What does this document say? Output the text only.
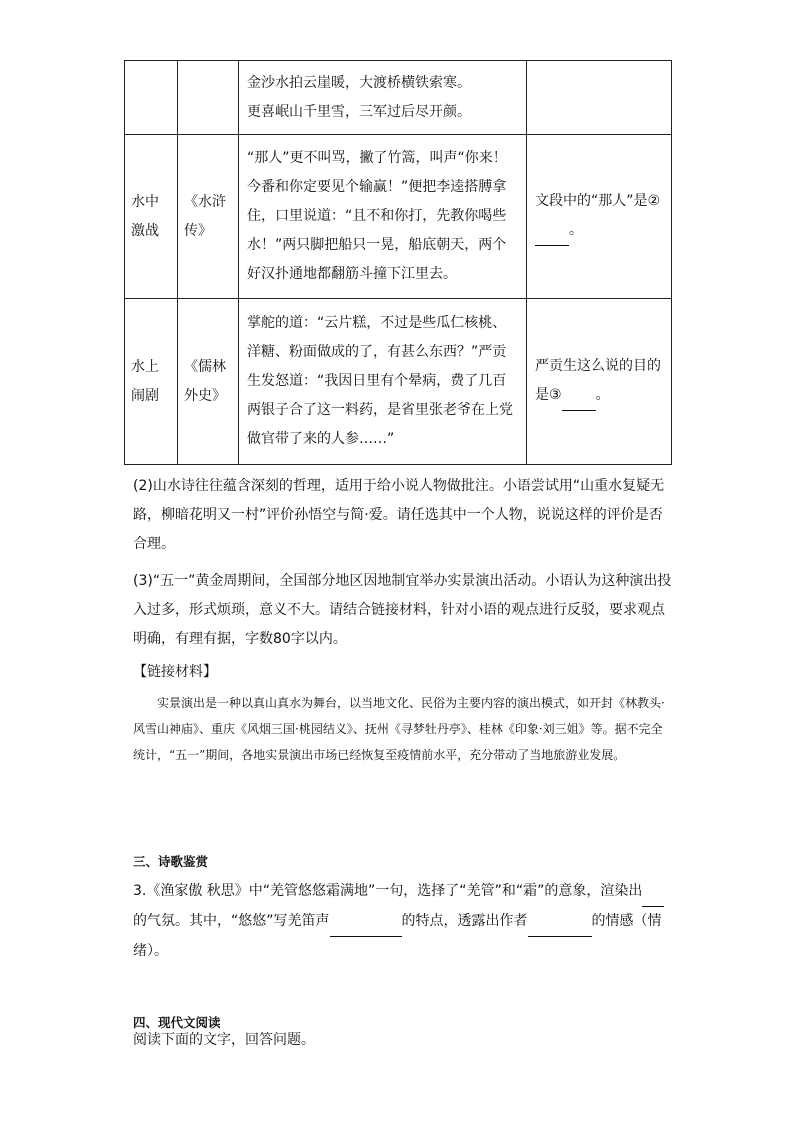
		金沙水拍云崖暖，大渡桥横铁索寒。
更喜岷山千里雪，三军过后尽开颜。	

水中激战	《水浒传》	“那人”更不叫骂，撇了竹篙，叫声“你来！今番和你定要见个输赢！”便把李逵搭膊拿住，口里说道：“且不和你打，先教你喝些水！”两只脚把船只一晃，船底朝天，两个好汉扑通地都翻筋斗撞下江里去。	文段中的“那人”是② 。

水上闹剧	《儒林外史》	掌舵的道：“云片糕，不过是些瓜仁核桃、洋糖、粉面做成的了，有甚么东西？”严贡生发怒道：“我因日里有个晕病，费了几百两银子合了这一料药，是省里张老爷在上党做官带了来的人参……”	严贡生这么说的目的
是③ 。
(2)山水诗往往蕴含深刻的哲理，适用于给小说人物做批注。小语尝试用“山重水复疑无路，柳暗花明又一村”评价孙悟空与简·爱。请任选其中一个人物，说说这样的评价是否合理。
(3)“五一”黄金周期间，全国部分地区因地制宜举办实景演出活动。小语认为这种演出投入过多，形式烦琐，意义不大。请结合链接材料，针对小语的观点进行反驳，要求观点明确，有理有据，字数80字以内。
【链接材料】
实景演出是一种以真山真水为舞台，以当地文化、民俗为主要内容的演出模式，如开封《林教头·风雪山神庙》、重庆《风烟三国·桃园结义》、抚州《寻梦牡丹亭》、桂林《印象·刘三姐》等。据不完全统计，“五一”期间，各地实景演出市场已经恢复至疫情前水平，充分带动了当地旅游业发展。
三、诗歌鉴赏
3.《渔家傲 秋思》中“羌管悠悠霜满地”一句，选择了“羌管”和“霜”的意象，渲染出 的气氛。其中，“悠悠”写羌笛声	的特点，透露出作者	的情感（情绪）。
四、现代文阅读
阅读下面的文字，回答问题。
